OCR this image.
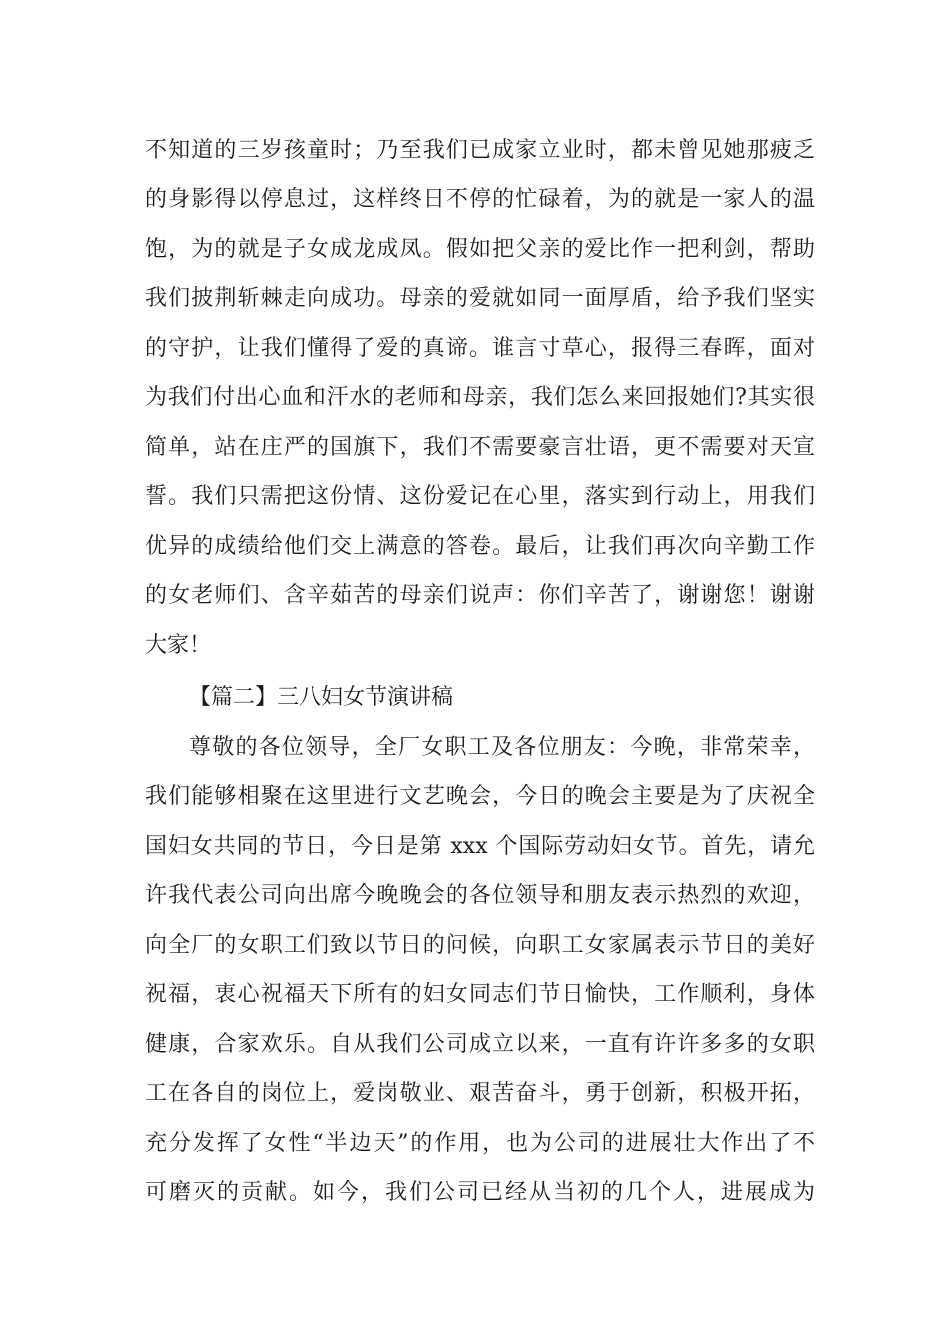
不知道的三岁孩童时；乃至我们已成家立业时，都未曾见她那疲乏
的身影得以停息过，这样终日不停的忙碌着，为的就是一家人的温
饱，为的就是子女成龙成凤。假如把父亲的爱比作一把利剑，帮助
我们披荆斩棘走向成功。母亲的爱就如同一面厚盾，给予我们坚实
的守护，让我们懂得了爱的真谛。谁言寸草心，报得三春晖，面对
为我们付出心血和汗水的老师和母亲，我们怎么来回报她们?其实很
简单，站在庄严的国旗下，我们不需要豪言壮语，更不需要对天宣
誓。我们只需把这份情、这份爱记在心里，落实到行动上，用我们
优异的成绩给他们交上满意的答卷。最后，让我们再次向辛勤工作
的女老师们、含辛茹苦的母亲们说声：你们辛苦了，谢谢您！谢谢
大家！
【篇二】三八妇女节演讲稿
尊敬的各位领导，全厂女职工及各位朋友：今晚，非常荣幸，
我们能够相聚在这里进行文艺晚会，今日的晚会主要是为了庆祝全
国妇女共同的节日，今日是第 xxx 个国际劳动妇女节。首先，请允
许我代表公司向出席今晚晚会的各位领导和朋友表示热烈的欢迎，
向全厂的女职工们致以节日的问候，向职工女家属表示节日的美好
祝福，衷心祝福天下所有的妇女同志们节日愉快，工作顺利，身体
健康，合家欢乐。自从我们公司成立以来，一直有许许多多的女职
工在各自的岗位上，爱岗敬业、艰苦奋斗，勇于创新，积极开拓，
充分发挥了女性“半边天”的作用，也为公司的进展壮大作出了不
可磨灭的贡献。如今，我们公司已经从当初的几个人，进展成为
